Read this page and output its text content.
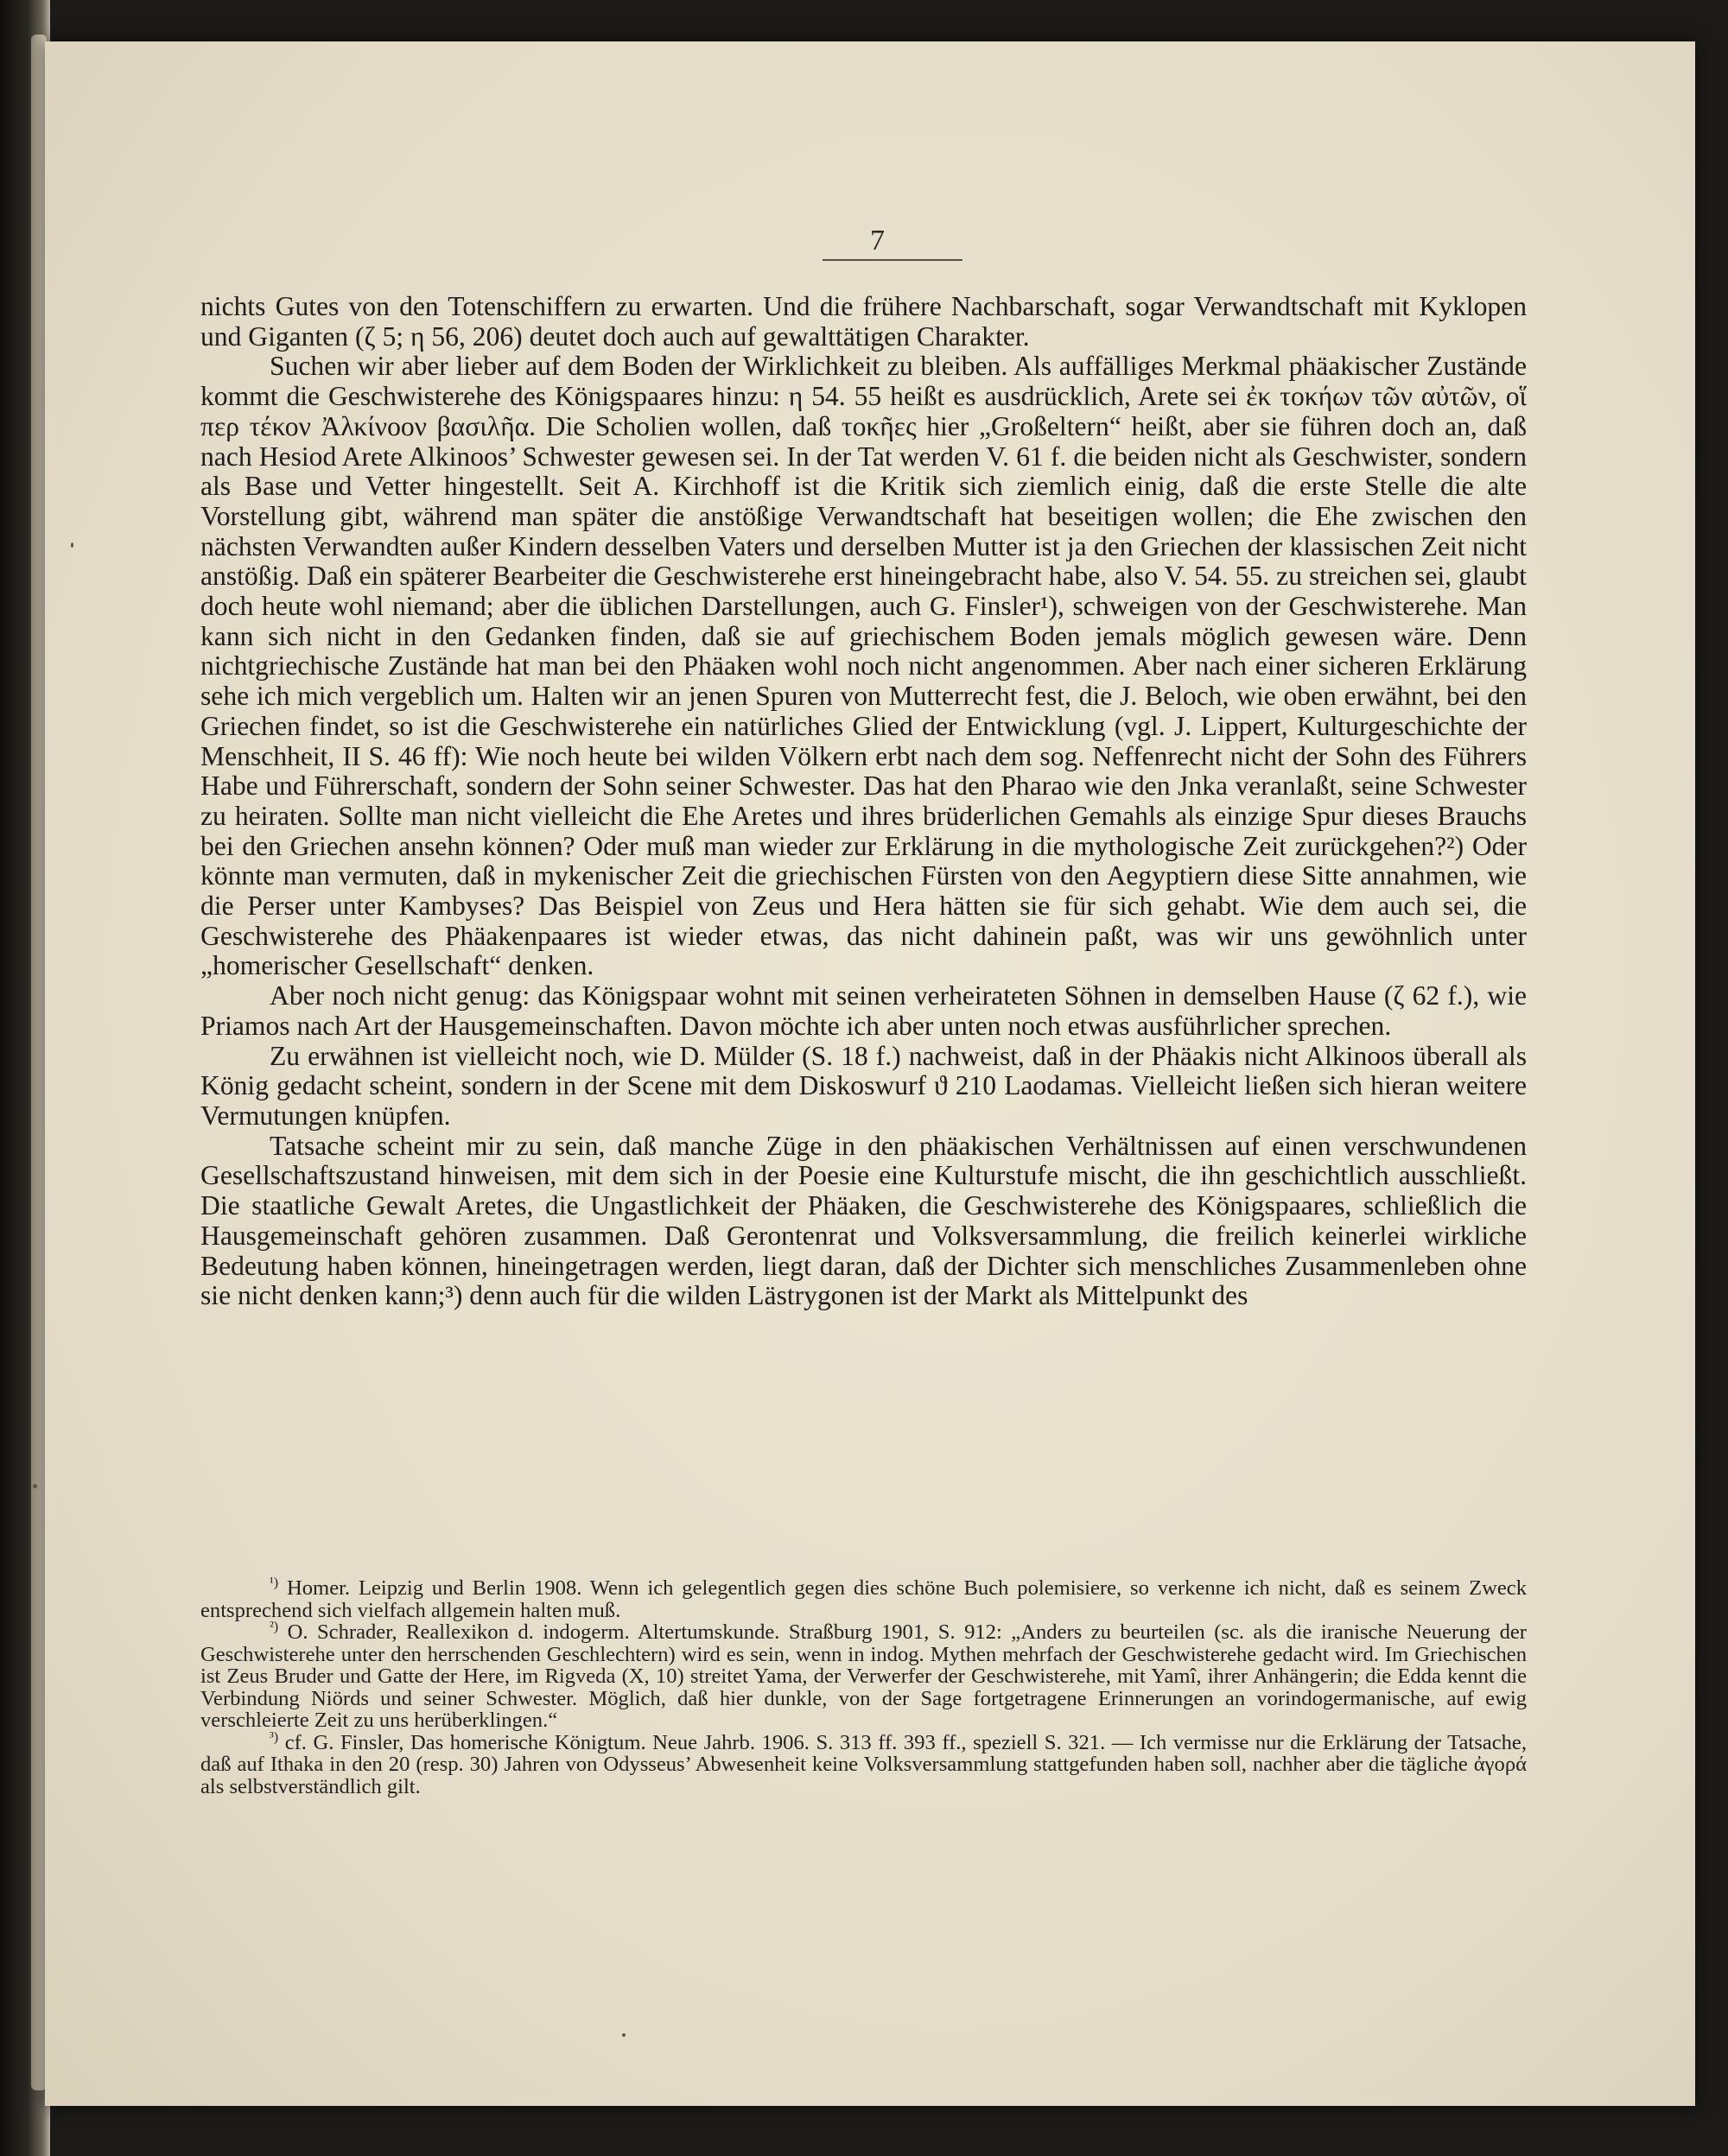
7

nichts Gutes von den Totenschiffern zu erwarten. Und die frühere Nachbarschaft, sogar Verwandtschaft mit Kyklopen und Giganten (ζ 5; η 56, 206) deutet doch auch auf gewalttätigen Charakter.

Suchen wir aber lieber auf dem Boden der Wirklichkeit zu bleiben. Als auffälliges Merkmal phäakischer Zustände kommt die Geschwisterehe des Königspaares hinzu: η 54. 55 heißt es ausdrücklich, Arete sei ἐκ τοκήων τῶν αὐτῶν, οἵ περ τέκον Ἀλκίνοον βασιλῆα. Die Scholien wollen, daß τοκῆες hier „Großeltern“ heißt, aber sie führen doch an, daß nach Hesiod Arete Alkinoos’ Schwester gewesen sei. In der Tat werden V. 61 f. die beiden nicht als Geschwister, sondern als Base und Vetter hingestellt. Seit A. Kirchhoff ist die Kritik sich ziemlich einig, daß die erste Stelle die alte Vorstellung gibt, während man später die anstößige Verwandtschaft hat beseitigen wollen; die Ehe zwischen den nächsten Verwandten außer Kindern desselben Vaters und derselben Mutter ist ja den Griechen der klassischen Zeit nicht anstößig. Daß ein späterer Bearbeiter die Geschwisterehe erst hineingebracht habe, also V. 54. 55. zu streichen sei, glaubt doch heute wohl niemand; aber die üblichen Darstellungen, auch G. Finsler¹), schweigen von der Geschwisterehe. Man kann sich nicht in den Gedanken finden, daß sie auf griechischem Boden jemals möglich gewesen wäre. Denn nichtgriechische Zustände hat man bei den Phäaken wohl noch nicht angenommen. Aber nach einer sicheren Erklärung sehe ich mich vergeblich um. Halten wir an jenen Spuren von Mutterrecht fest, die J. Beloch, wie oben erwähnt, bei den Griechen findet, so ist die Geschwisterehe ein natürliches Glied der Entwicklung (vgl. J. Lippert, Kulturgeschichte der Menschheit, II S. 46 ff): Wie noch heute bei wilden Völkern erbt nach dem sog. Neffenrecht nicht der Sohn des Führers Habe und Führerschaft, sondern der Sohn seiner Schwester. Das hat den Pharao wie den Jnka veranlaßt, seine Schwester zu heiraten. Sollte man nicht vielleicht die Ehe Aretes und ihres brüderlichen Gemahls als einzige Spur dieses Brauchs bei den Griechen ansehn können? Oder muß man wieder zur Erklärung in die mythologische Zeit zurückgehen?²) Oder könnte man vermuten, daß in mykenischer Zeit die griechischen Fürsten von den Aegyptiern diese Sitte annahmen, wie die Perser unter Kambyses? Das Beispiel von Zeus und Hera hätten sie für sich gehabt. Wie dem auch sei, die Geschwisterehe des Phäakenpaares ist wieder etwas, das nicht dahinein paßt, was wir uns gewöhnlich unter „homerischer Gesellschaft“ denken.

Aber noch nicht genug: das Königspaar wohnt mit seinen verheirateten Söhnen in demselben Hause (ζ 62 f.), wie Priamos nach Art der Hausgemeinschaften. Davon möchte ich aber unten noch etwas ausführlicher sprechen.

Zu erwähnen ist vielleicht noch, wie D. Mülder (S. 18 f.) nachweist, daß in der Phäakis nicht Alkinoos überall als König gedacht scheint, sondern in der Scene mit dem Diskoswurf ϑ 210 Laodamas. Vielleicht ließen sich hieran weitere Vermutungen knüpfen.

Tatsache scheint mir zu sein, daß manche Züge in den phäakischen Verhältnissen auf einen verschwundenen Gesellschaftszustand hinweisen, mit dem sich in der Poesie eine Kulturstufe mischt, die ihn geschichtlich ausschließt. Die staatliche Gewalt Aretes, die Ungastlichkeit der Phäaken, die Geschwisterehe des Königspaares, schließlich die Hausgemeinschaft gehören zusammen. Daß Gerontenrat und Volksversammlung, die freilich keinerlei wirkliche Bedeutung haben können, hineingetragen werden, liegt daran, daß der Dichter sich menschliches Zusammenleben ohne sie nicht denken kann;³) denn auch für die wilden Lästrygonen ist der Markt als Mittelpunkt des

$^{^1)}$ Homer. Leipzig und Berlin 1908. Wenn ich gelegentlich gegen dies schöne Buch polemisiere, so verkenne ich nicht, daß es seinem Zweck entsprechend sich vielfach allgemein halten muß.

$^{^2)}$ O. Schrader, Reallexikon d. indogerm. Altertumskunde. Straßburg 1901, S. 912: „Anders zu beurteilen (sc. als die iranische Neuerung der Geschwisterehe unter den herrschenden Geschlechtern) wird es sein, wenn in indog. Mythen mehrfach der Geschwisterehe gedacht wird. Im Griechischen ist Zeus Bruder und Gatte der Here, im Rigveda (X, 10) streitet Yama, der Verwerfer der Geschwisterehe, mit Yamî, ihrer Anhängerin; die Edda kennt die Verbindung Niörds und seiner Schwester. Möglich, daß hier dunkle, von der Sage fortgetragene Erinnerungen an vorindogermanische, auf ewig verschleierte Zeit zu uns herüberklingen.“

$^{^3)}$ cf. G. Finsler, Das homerische Königtum. Neue Jahrb. 1906. S. 313 ff. 393 ff., speziell S. 321. — Ich vermisse nur die Erklärung der Tatsache, daß auf Ithaka in den 20 (resp. 30) Jahren von Odysseus’ Abwesenheit keine Volksversammlung stattgefunden haben soll, nachher aber die tägliche ἀγορά als selbstverständlich gilt.
